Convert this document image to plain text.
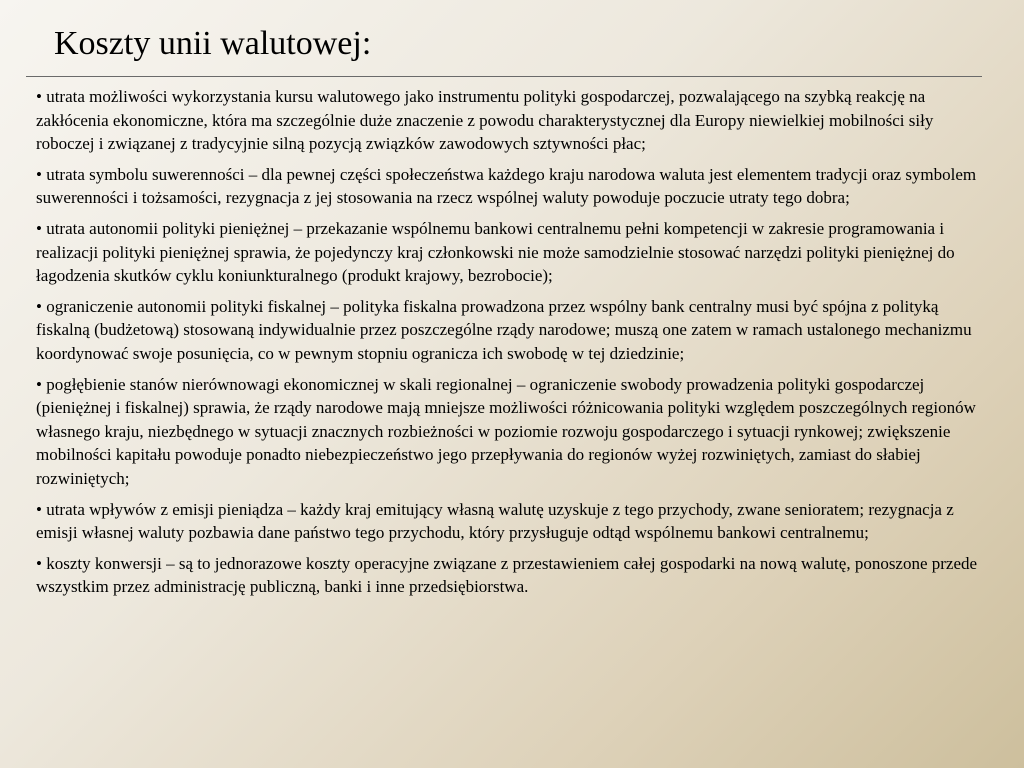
Koszty unii walutowej:

• utrata możliwości wykorzystania kursu walutowego jako instrumentu polityki gospodarczej, pozwalającego na szybką reakcję na zakłócenia ekonomiczne, która ma szczególnie duże znaczenie z powodu charakterystycznej dla Europy niewielkiej mobilności siły roboczej i związanej z tradycyjnie silną pozycją związków zawodowych sztywności płac;

• utrata symbolu suwerenności – dla pewnej części społeczeństwa każdego kraju narodowa waluta jest elementem tradycji oraz symbolem suwerenności i tożsamości, rezygnacja z jej stosowania na rzecz wspólnej waluty powoduje poczucie utraty tego dobra;

• utrata autonomii polityki pieniężnej – przekazanie wspólnemu bankowi centralnemu pełni kompetencji w zakresie programowania i realizacji polityki pieniężnej sprawia, że pojedynczy kraj członkowski nie może samodzielnie stosować narzędzi polityki pieniężnej do łagodzenia skutków cyklu koniunkturalnego (produkt krajowy, bezrobocie);

• ograniczenie autonomii polityki fiskalnej – polityka fiskalna prowadzona przez wspólny bank centralny musi być spójna z polityką fiskalną (budżetową) stosowaną indywidualnie przez poszczególne rządy narodowe; muszą one zatem w ramach ustalonego mechanizmu koordynować swoje posunięcia, co w pewnym stopniu ogranicza ich swobodę w tej dziedzinie;

• pogłębienie stanów nierównowagi ekonomicznej w skali regionalnej – ograniczenie swobody prowadzenia polityki gospodarczej (pieniężnej i fiskalnej) sprawia, że rządy narodowe mają mniejsze możliwości różnicowania polityki względem poszczególnych regionów własnego kraju, niezbędnego w sytuacji znacznych rozbieżności w poziomie rozwoju gospodarczego i sytuacji rynkowej; zwiększenie mobilności kapitału powoduje ponadto niebezpieczeństwo jego przepływania do regionów wyżej rozwiniętych, zamiast do słabiej rozwiniętych;

• utrata wpływów z emisji pieniądza – każdy kraj emitujący własną walutę uzyskuje z tego przychody, zwane senioratem; rezygnacja z emisji własnej waluty pozbawia dane państwo tego przychodu, który przysługuje odtąd wspólnemu bankowi centralnemu;

• koszty konwersji – są to jednorazowe koszty operacyjne związane z przestawieniem całej gospodarki na nową walutę, ponoszone przede wszystkim przez administrację publiczną, banki i inne przedsiębiorstwa.
